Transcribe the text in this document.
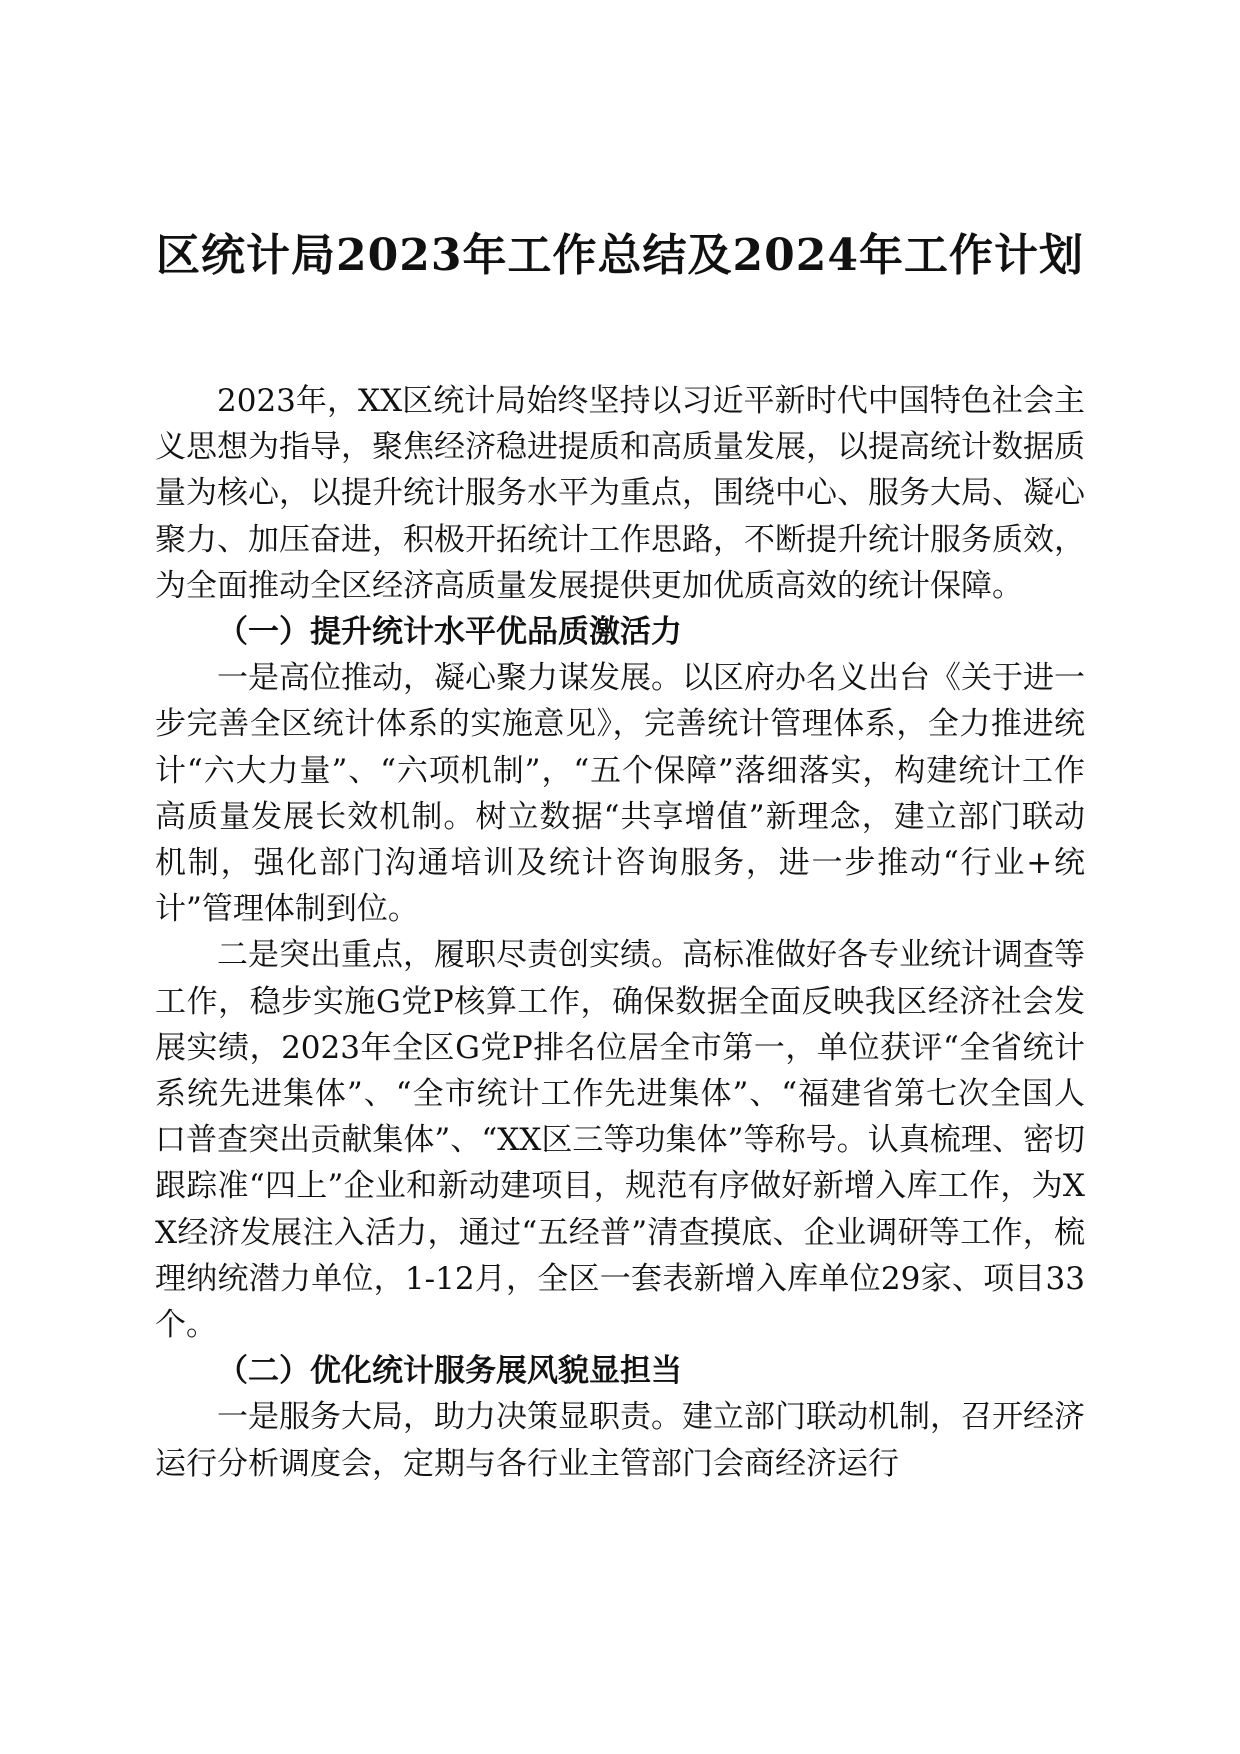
区统计局2023年工作总结及2024年工作计划

2023年，XX区统计局始终坚持以习近平新时代中国特色社会主义思想为指导，聚焦经济稳进提质和高质量发展，以提高统计数据质量为核心，以提升统计服务水平为重点，围绕中心、服务大局、凝心聚力、加压奋进，积极开拓统计工作思路，不断提升统计服务质效，为全面推动全区经济高质量发展提供更加优质高效的统计保障。

（一）提升统计水平优品质激活力

一是高位推动，凝心聚力谋发展。以区府办名义出台《关于进一步完善全区统计体系的实施意见》，完善统计管理体系，全力推进统计“六大力量”、“六项机制”，“五个保障”落细落实，构建统计工作高质量发展长效机制。树立数据“共享增值”新理念，建立部门联动机制，强化部门沟通培训及统计咨询服务，进一步推动“行业+统计”管理体制到位。

二是突出重点，履职尽责创实绩。高标准做好各专业统计调查等工作，稳步实施G党P核算工作，确保数据全面反映我区经济社会发展实绩，2023年全区G党P排名位居全市第一，单位获评“全省统计系统先进集体”、“全市统计工作先进集体”、“福建省第七次全国人口普查突出贡献集体”、“XX区三等功集体”等称号。认真梳理、密切跟踪准“四上”企业和新动建项目，规范有序做好新增入库工作，为XX经济发展注入活力，通过“五经普”清查摸底、企业调研等工作，梳理纳统潜力单位，1-12月，全区一套表新增入库单位29家、项目33个。

（二）优化统计服务展风貌显担当

一是服务大局，助力决策显职责。建立部门联动机制，召开经济运行分析调度会，定期与各行业主管部门会商经济运行
